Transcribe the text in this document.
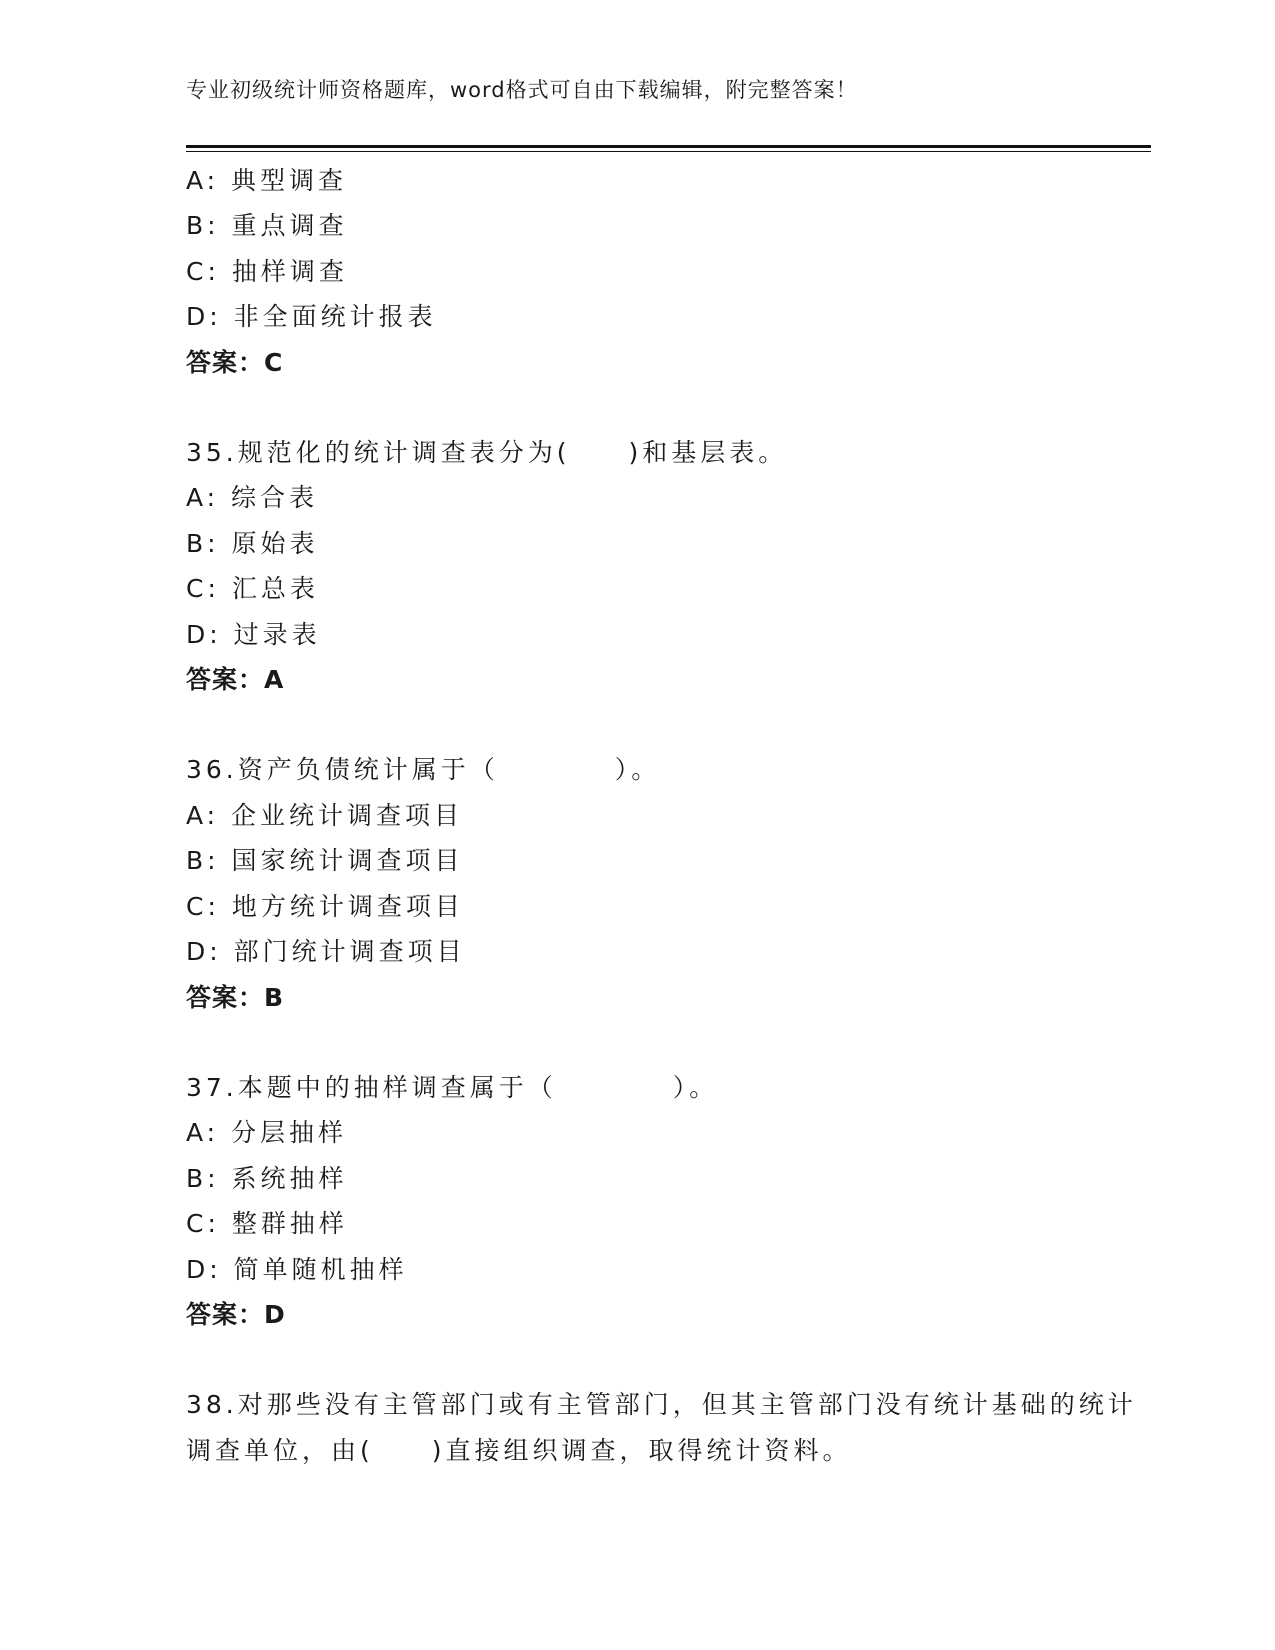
专业初级统计师资格题库，word格式可自由下载编辑，附完整答案！
A: 典型调查
B: 重点调查
C: 抽样调查
D: 非全面统计报表
答案：C
35.规范化的统计调查表分为(　　)和基层表。
A: 综合表
B: 原始表
C: 汇总表
D: 过录表
答案：A
36.资产负债统计属于（　　　　）。
A: 企业统计调查项目
B: 国家统计调查项目
C: 地方统计调查项目
D: 部门统计调查项目
答案：B
37.本题中的抽样调查属于（　　　　）。
A: 分层抽样
B: 系统抽样
C: 整群抽样
D: 简单随机抽样
答案：D
38.对那些没有主管部门或有主管部门，但其主管部门没有统计基础的统计调查单位，由(　　)直接组织调查，取得统计资料。
